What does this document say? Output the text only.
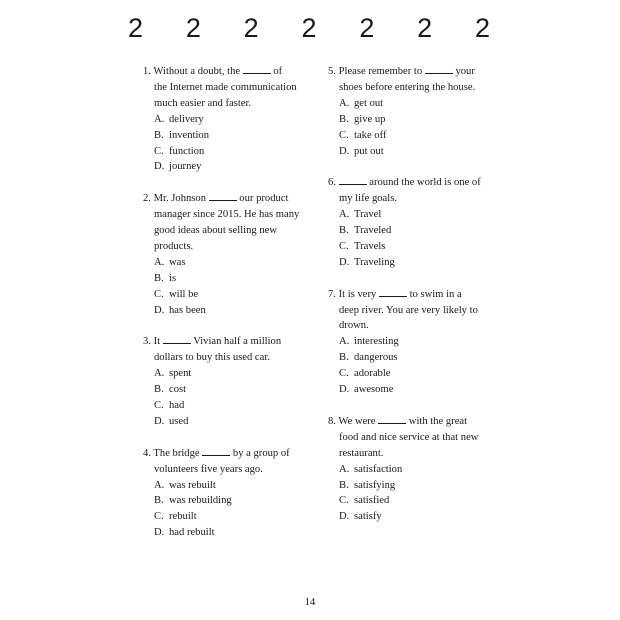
2 2 2 2 2 2 2
1. Without a doubt, the	of
the Internet made communication
much easier and faster.
A. delivery
B. invention
C. function
D. journey
2. Mr. Johnson	our product
manager since 2015. He has many
good ideas about selling new
products.
A. was
B. is
C. will be
D. has been
3. It	Vivian half a million
dollars to buy this used car.
A. spent
B. cost
C. had
D. used
4. The bridge	by a group of
volunteers five years ago.
A. was rebuilt
B. was rebuilding
C. rebuilt
D. had rebuilt
5. Please remember to	your
shoes before entering the house.
A. get out
B. give up
C. take off
D. put out
6.	around the world is one of
my life goals.
A. Travel
B. Traveled
C. Travels
D. Traveling
7. It is very	to swim in a
deep river. You are very likely to
drown.
A. interesting
B. dangerous
C. adorable
D. awesome
8. We were	with the great
food and nice service at that new
restaurant.
A. satisfaction
B. satisfying
C. satisfied
D. satisfy
14
